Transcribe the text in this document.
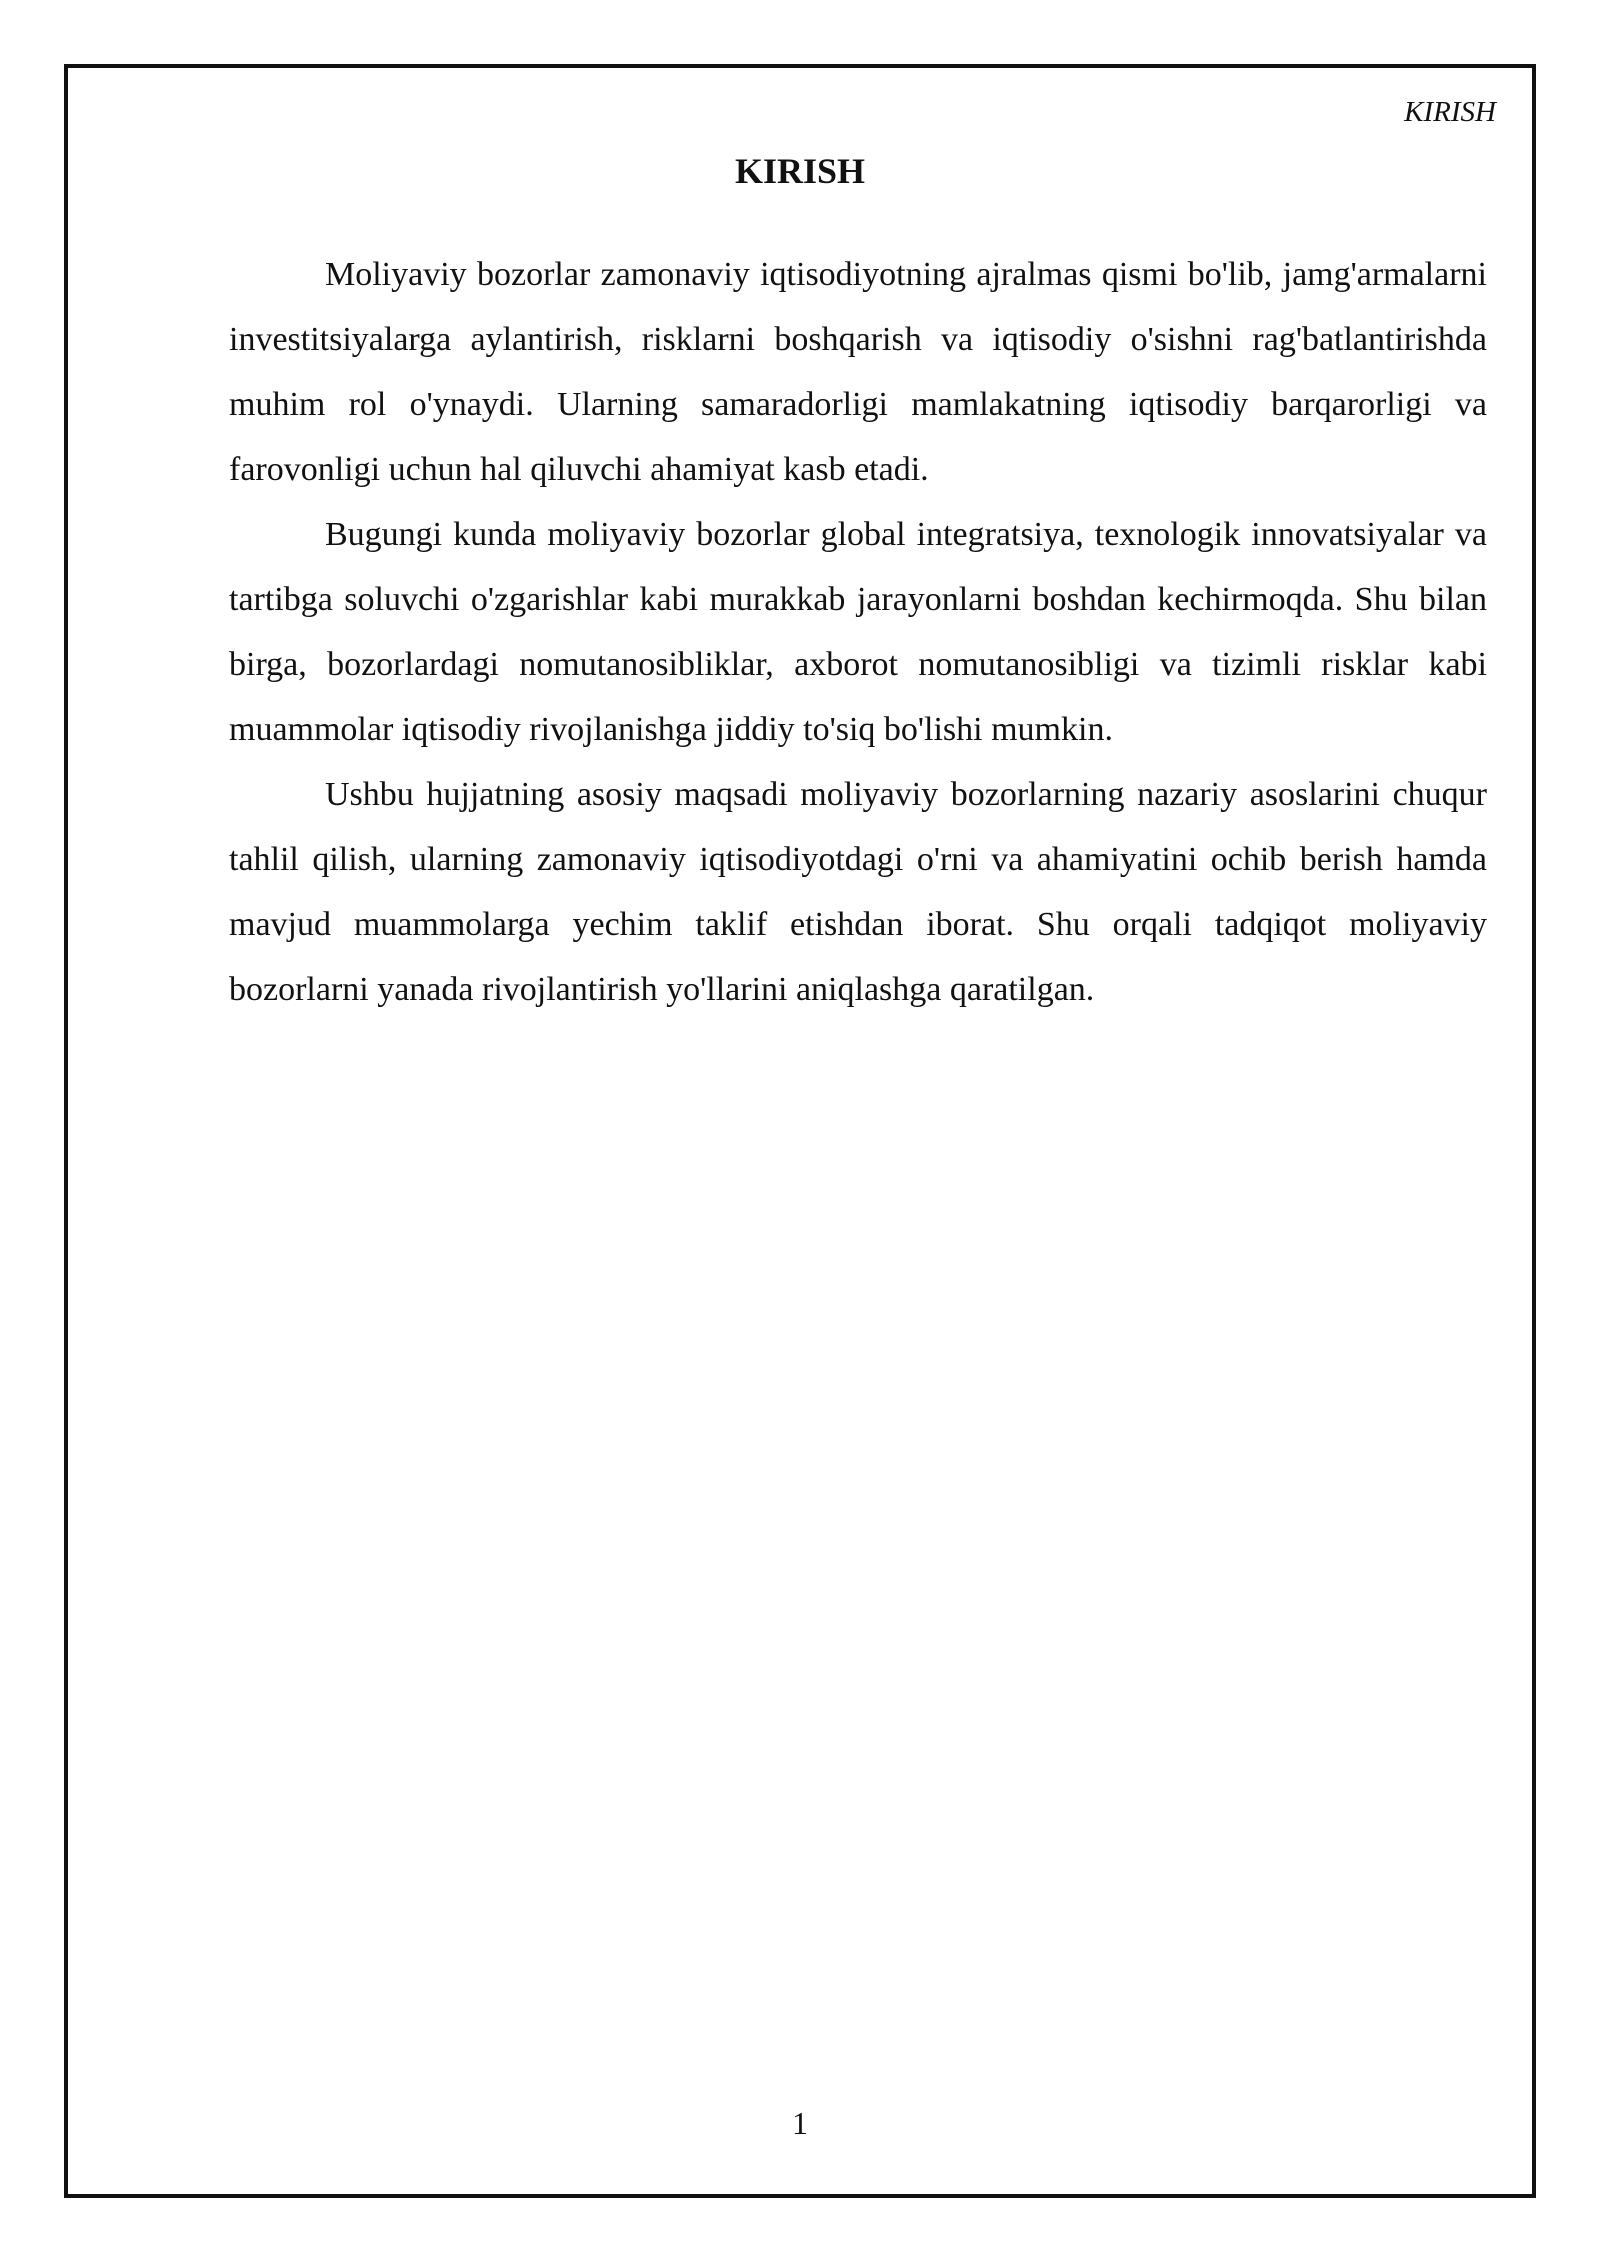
KIRISH
KIRISH

Moliyaviy bozorlar zamonaviy iqtisodiyotning ajralmas qismi bo'lib, jamg'armalarni investitsiyalarga aylantirish, risklarni boshqarish va iqtisodiy o'sishni rag'batlantirishda muhim rol o'ynaydi. Ularning samaradorligi mamlakatning iqtisodiy barqarorligi va farovonligi uchun hal qiluvchi ahamiyat kasb etadi.

Bugungi kunda moliyaviy bozorlar global integratsiya, texnologik innovatsiyalar va tartibga soluvchi o'zgarishlar kabi murakkab jarayonlarni boshdan kechirmoqda. Shu bilan birga, bozorlardagi nomutanosibliklar, axborot nomutanosibligi va tizimli risklar kabi muammolar iqtisodiy rivojlanishga jiddiy to'siq bo'lishi mumkin.

Ushbu hujjatning asosiy maqsadi moliyaviy bozorlarning nazariy asoslarini chuqur tahlil qilish, ularning zamonaviy iqtisodiyotdagi o'rni va ahamiyatini ochib berish hamda mavjud muammolarga yechim taklif etishdan iborat. Shu orqali tadqiqot moliyaviy bozorlarni yanada rivojlantirish yo'llarini aniqlashga qaratilgan.

1
